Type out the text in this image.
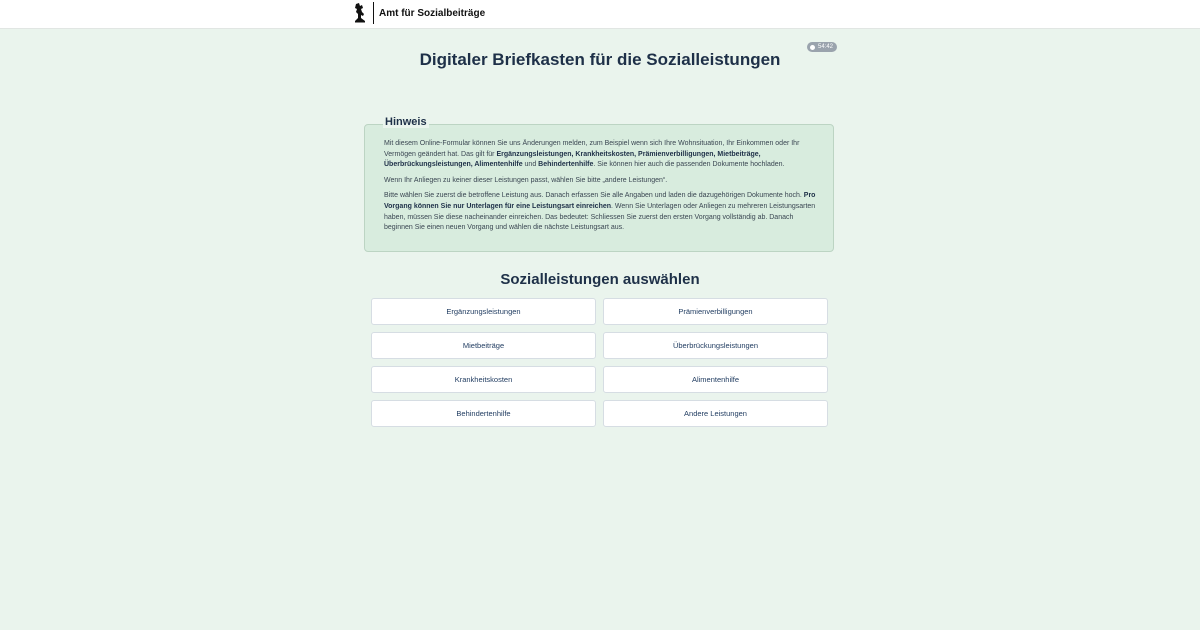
Amt für Sozialbeiträge
54:42
Digitaler Briefkasten für die Sozialleistungen
Hinweis

Mit diesem Online-Formular können Sie uns Änderungen melden, zum Beispiel wenn sich Ihre Wohnsituation, Ihr Einkommen oder Ihr Vermögen geändert hat. Das gilt für Ergänzungsleistungen, Krankheitskosten, Prämienverbilligungen, Mietbeiträge, Überbrückungsleistungen, Alimentenhilfe und Behindertenhilfe. Sie können hier auch die passenden Dokumente hochladen.

Wenn Ihr Anliegen zu keiner dieser Leistungen passt, wählen Sie bitte „andere Leistungen“.

Bitte wählen Sie zuerst die betroffene Leistung aus. Danach erfassen Sie alle Angaben und laden die dazugehörigen Dokumente hoch. Pro Vorgang können Sie nur Unterlagen für eine Leistungsart einreichen. Wenn Sie Unterlagen oder Anliegen zu mehreren Leistungsarten haben, müssen Sie diese nacheinander einreichen. Das bedeutet: Schliessen Sie zuerst den ersten Vorgang vollständig ab. Danach beginnen Sie einen neuen Vorgang und wählen die nächste Leistungsart aus.

Sozialleistungen auswählen
Ergänzungsleistungen	Prämienverbilligungen
Mietbeiträge	Überbrückungsleistungen
Krankheitskosten	Alimentenhilfe
Behindertenhilfe	Andere Leistungen
